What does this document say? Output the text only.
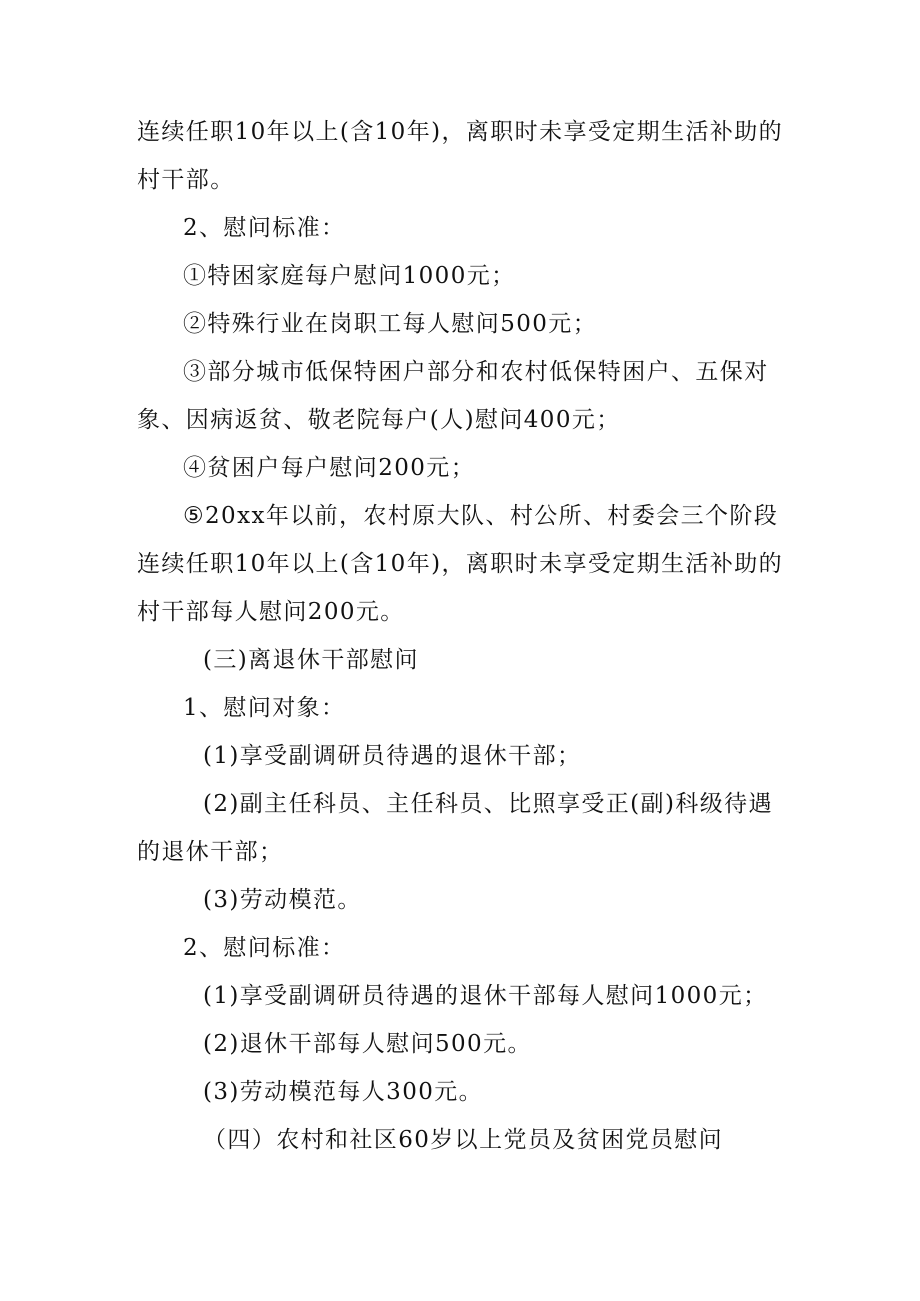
连续任职10年以上(含10年)，离职时未享受定期生活补助的村干部。

2、慰问标准：

①特困家庭每户慰问1000元；

②特殊行业在岗职工每人慰问500元；

③部分城市低保特困户部分和农村低保特困户、五保对象、因病返贫、敬老院每户(人)慰问400元；

④贫困户每户慰问200元；

⑤20xx年以前，农村原大队、村公所、村委会三个阶段连续任职10年以上(含10年)，离职时未享受定期生活补助的村干部每人慰问200元。

(三)离退休干部慰问

1、慰问对象：

(1)享受副调研员待遇的退休干部；

(2)副主任科员、主任科员、比照享受正(副)科级待遇的退休干部；

(3)劳动模范。

2、慰问标准：

(1)享受副调研员待遇的退休干部每人慰问1000元；

(2)退休干部每人慰问500元。

(3)劳动模范每人300元。

（四）农村和社区60岁以上党员及贫困党员慰问
